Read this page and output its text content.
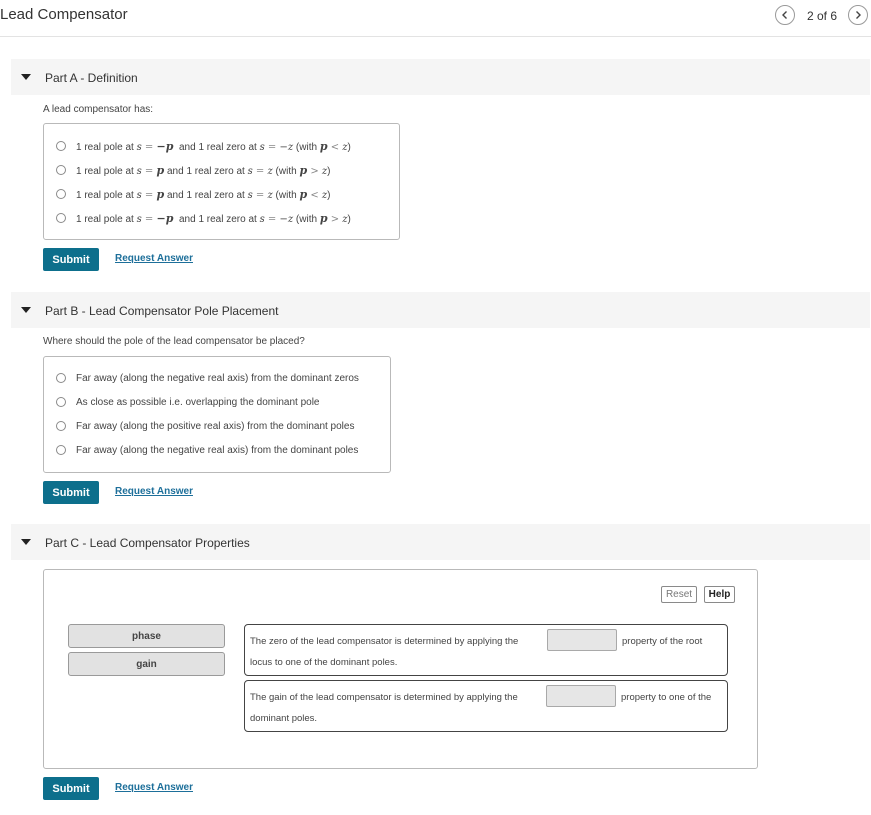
Lead Compensator	2 of 6
Part A - Definition
A lead compensator has:
1 real pole at s = −p  and 1 real zero at s = −z (with p < z)
1 real pole at s = p and 1 real zero at s = z (with p > z)
1 real pole at s = p and 1 real zero at s = z (with p < z)
1 real pole at s = −p  and 1 real zero at s = −z (with p > z)
Submit	Request Answer
Part B - Lead Compensator Pole Placement
Where should the pole of the lead compensator be placed?
Far away (along the negative real axis) from the dominant zeros
As close as possible i.e. overlapping the dominant pole
Far away (along the positive real axis) from the dominant poles
Far away (along the negative real axis) from the dominant poles
Submit	Request Answer
Part C - Lead Compensator Properties
Reset	Help
phase
gain
The zero of the lead compensator is determined by applying the	property of the root
locus to one of the dominant poles.
The gain of the lead compensator is determined by applying the	property to one of the
dominant poles.
Submit	Request Answer
